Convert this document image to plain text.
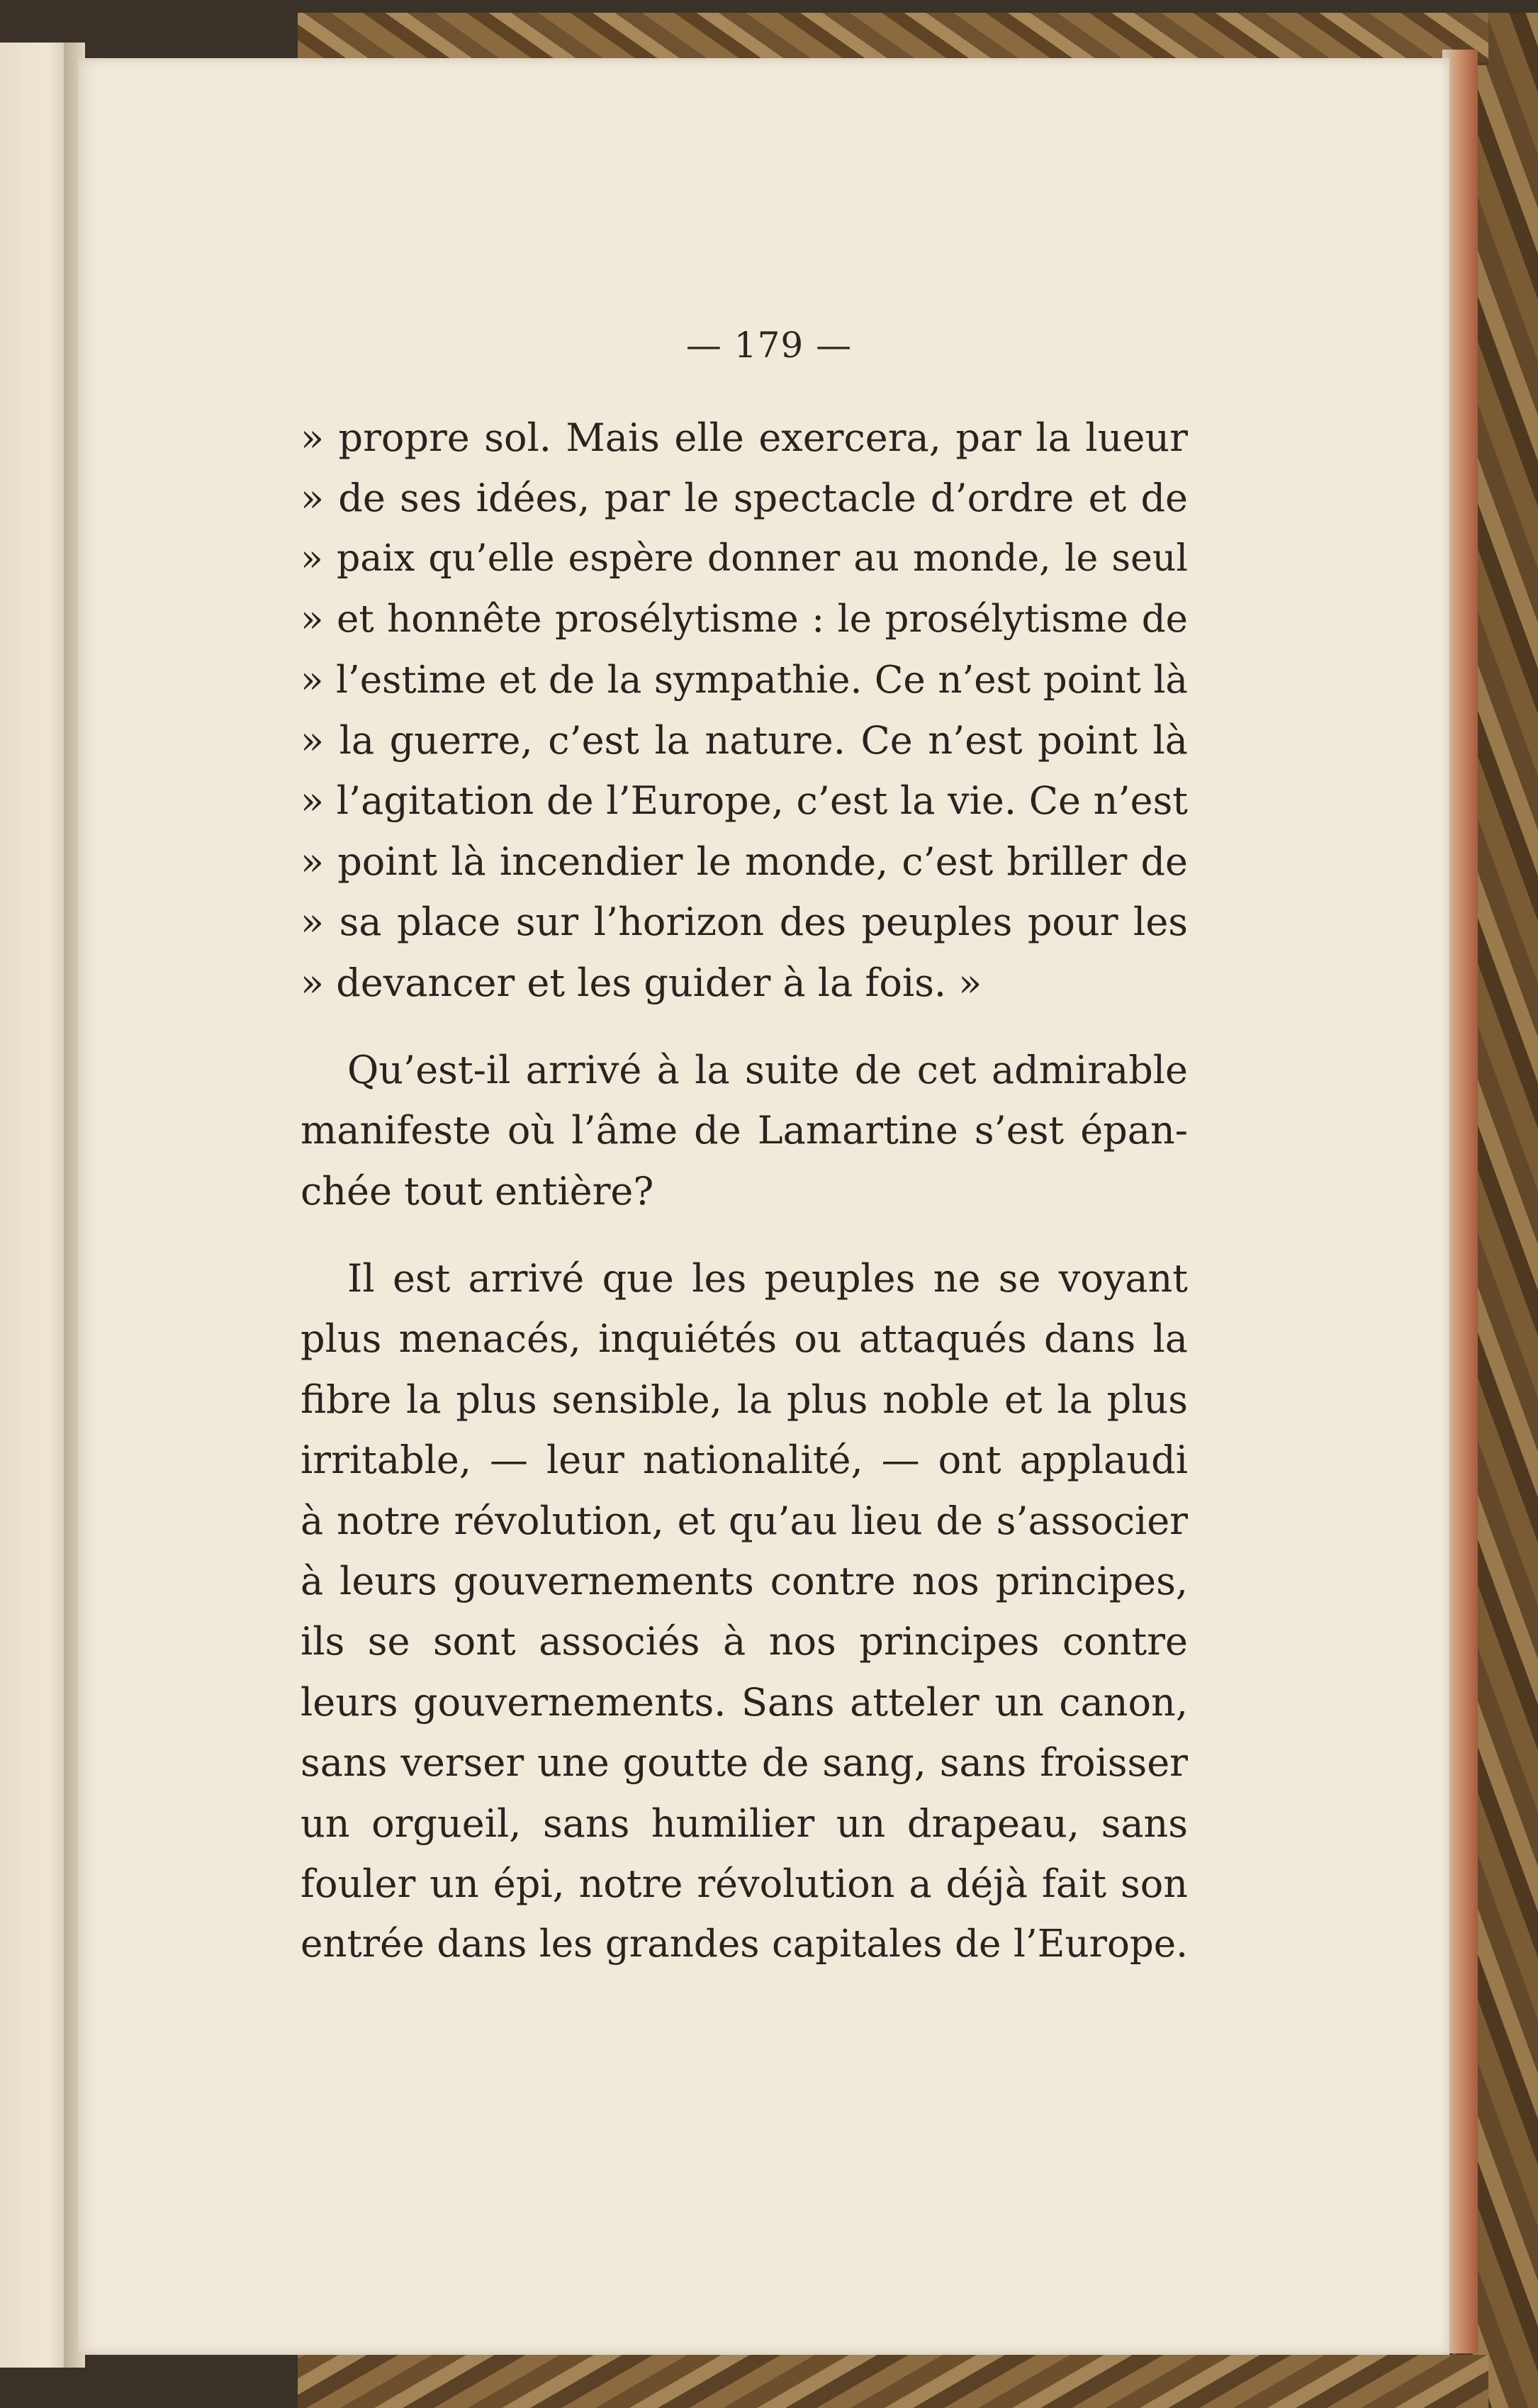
— 179 —
» propre sol. Mais elle exercera, par la lueur
» de ses idées, par le spectacle d’ordre et de
» paix qu’elle espère donner au monde, le seul
» et honnête prosélytisme : le prosélytisme de
» l’estime et de la sympathie. Ce n’est point là
» la guerre, c’est la nature. Ce n’est point là
» l’agitation de l’Europe, c’est la vie. Ce n’est
» point là incendier le monde, c’est briller de
» sa place sur l’horizon des peuples pour les
» devancer et les guider à la fois. »
Qu’est-il arrivé à la suite de cet admirable
manifeste où l’âme de Lamartine s’est épan-
chée tout entière?
Il est arrivé que les peuples ne se voyant
plus menacés, inquiétés ou attaqués dans la
fibre la plus sensible, la plus noble et la plus
irritable, — leur nationalité, — ont applaudi
à notre révolution, et qu’au lieu de s’associer
à leurs gouvernements contre nos principes,
ils se sont associés à nos principes contre
leurs gouvernements. Sans atteler un canon,
sans verser une goutte de sang, sans froisser
un orgueil, sans humilier un drapeau, sans
fouler un épi, notre révolution a déjà fait son
entrée dans les grandes capitales de l’Europe.
